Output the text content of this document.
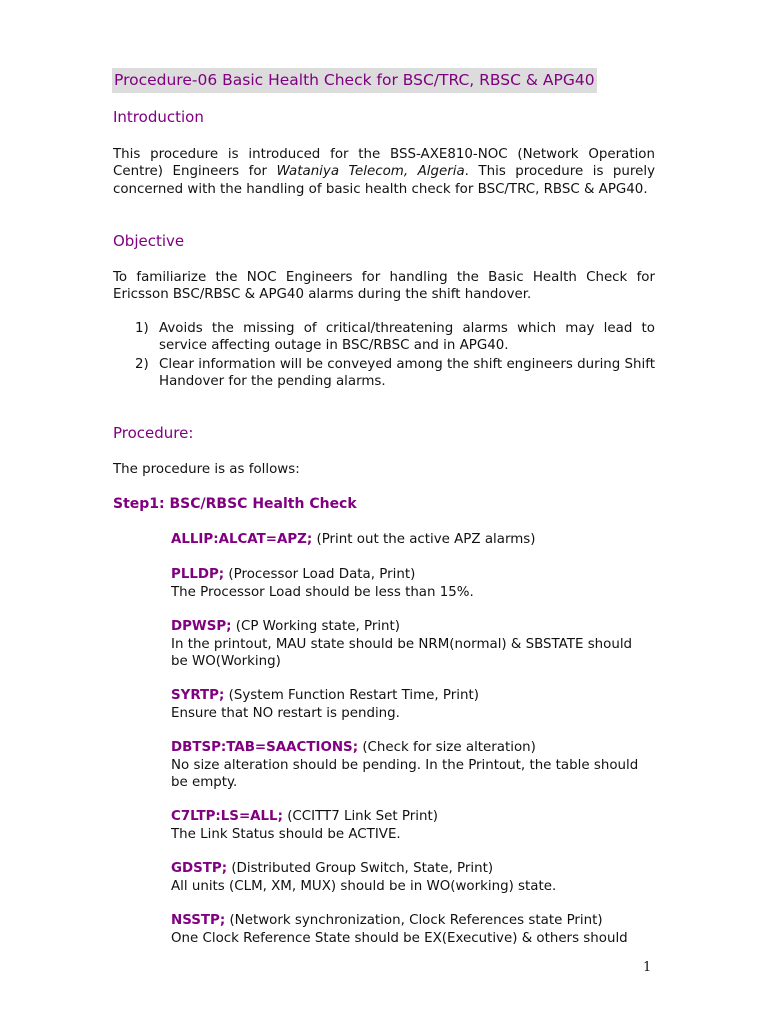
Procedure-06 Basic Health Check for BSC/TRC, RBSC & APG40
Introduction
This procedure is introduced for the BSS-AXE810-NOC (Network Operation Centre) Engineers for Wataniya Telecom, Algeria. This procedure is purely concerned with the handling of basic health check for BSC/TRC, RBSC & APG40.
Objective
To familiarize the NOC Engineers for handling the Basic Health Check for Ericsson BSC/RBSC & APG40 alarms during the shift handover.
1) Avoids the missing of critical/threatening alarms which may lead to service affecting outage in BSC/RBSC and in APG40.
2) Clear information will be conveyed among the shift engineers during Shift Handover for the pending alarms.
Procedure:
The procedure is as follows:
Step1: BSC/RBSC Health Check
ALLIP:ALCAT=APZ; (Print out the active APZ alarms)
PLLDP; (Processor Load Data, Print)
The Processor Load should be less than 15%.
DPWSP; (CP Working state, Print)
In the printout, MAU state should be NRM(normal) & SBSTATE should be WO(Working)
SYRTP; (System Function Restart Time, Print)
Ensure that NO restart is pending.
DBTSP:TAB=SAACTIONS; (Check for size alteration)
No size alteration should be pending. In the Printout, the table should be empty.
C7LTP:LS=ALL; (CCITT7 Link Set Print)
The Link Status should be ACTIVE.
GDSTP; (Distributed Group Switch, State, Print)
All units (CLM, XM, MUX) should be in WO(working) state.
NSSTP; (Network synchronization, Clock References state Print)
One Clock Reference State should be EX(Executive) & others should
1
